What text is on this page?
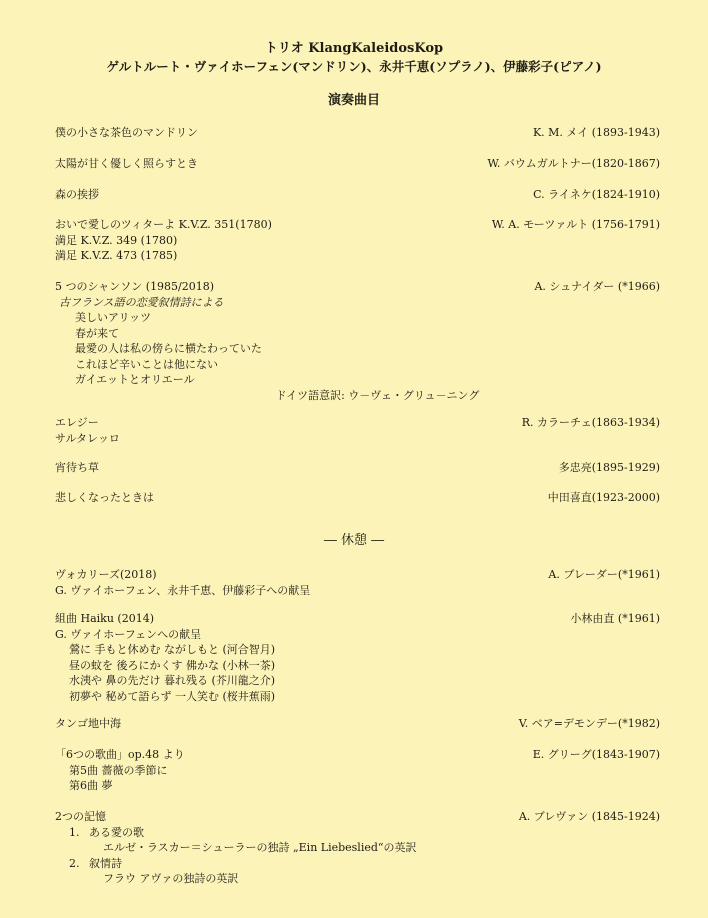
トリオ KlangKaleidosKop
ゲルトルート・ヴァイホーフェン(マンドリン)、永井千恵(ソプラノ)、伊藤彩子(ピアノ)
演奏曲目
僕の小さな茶色のマンドリン	K. M. メイ (1893-1943)
太陽が甘く優しく照らすとき	W. バウムガルトナー(1820-1867)
森の挨拶	C. ライネケ(1824-1910)
おいで愛しのツィターよ K.V.Z. 351(1780)	W. A. モーツァルト (1756-1791)
満足 K.V.Z. 349 (1780)
満足 K.V.Z. 473 (1785)
5 つのシャンソン (1985/2018)	A. シュナイダー (*1966)
古フランス語の恋愛叙情詩による
美しいアリッツ
春が来て
最愛の人は私の傍らに横たわっていた
これほど辛いことは他にない
ガイエットとオリエール
ドイツ語意訳: ウ－ヴェ・グリュ－ニング
エレジー	R. カラーチェ(1863-1934)
サルタレッロ
宵待ち草	多忠亮(1895-1929)
悲しくなったときは	中田喜直(1923-2000)
― 休憩 ―
ヴォカリーズ(2018)	A. ブレーダー(*1961)
G. ヴァイホーフェン、永井千恵、伊藤彩子への献呈
組曲 Haiku (2014)	小林由直 (*1961)
G. ヴァイホーフェンへの献呈
鶯に 手もと休めむ ながしもと (河合智月)
昼の蚊を 後ろにかくす 佛かな (小林一茶)
水洟や 鼻の先だけ 暮れ残る (芥川龍之介)
初夢や 秘めて語らず 一人笑む (桜井蕉雨)
タンゴ地中海	V. ベア=デモンデー(*1982)
「6つの歌曲」op.48 より	E. グリーグ(1843-1907)
第5曲 薔薇の季節に
第6曲 夢
2つの記憶	A. ブレヴァン (1845-1924)
1. ある愛の歌
エルゼ・ラスカー＝シューラーの独詩 „Ein Liebeslied“の英訳
2. 叙情詩
フラウ アヴァの独詩の英訳
